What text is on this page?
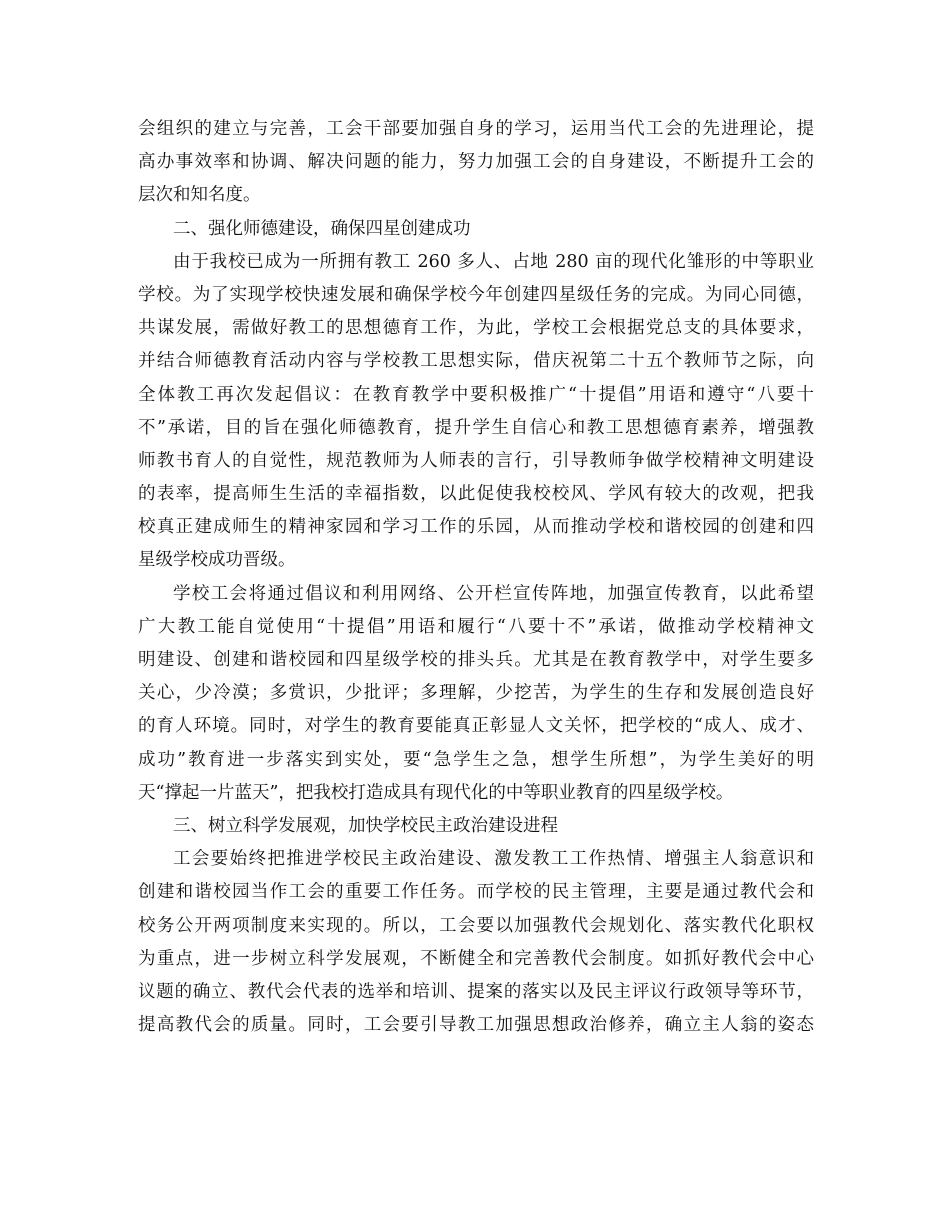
会组织的建立与完善，工会干部要加强自身的学习，运用当代工会的先进理论，提
高办事效率和协调、解决问题的能力，努力加强工会的自身建设，不断提升工会的
层次和知名度。
二、强化师德建设，确保四星创建成功
由于我校已成为一所拥有教工 260 多人、占地 280 亩的现代化雏形的中等职业
学校。为了实现学校快速发展和确保学校今年创建四星级任务的完成。为同心同德，
共谋发展，需做好教工的思想德育工作，为此，学校工会根据党总支的具体要求，
并结合师德教育活动内容与学校教工思想实际，借庆祝第二十五个教师节之际，向
全体教工再次发起倡议：在教育教学中要积极推广“十提倡”用语和遵守“八要十
不”承诺，目的旨在强化师德教育，提升学生自信心和教工思想德育素养，增强教
师教书育人的自觉性，规范教师为人师表的言行，引导教师争做学校精神文明建设
的表率，提高师生生活的幸福指数，以此促使我校校风、学风有较大的改观，把我
校真正建成师生的精神家园和学习工作的乐园，从而推动学校和谐校园的创建和四
星级学校成功晋级。
学校工会将通过倡议和利用网络、公开栏宣传阵地，加强宣传教育，以此希望
广大教工能自觉使用“十提倡”用语和履行“八要十不”承诺，做推动学校精神文
明建设、创建和谐校园和四星级学校的排头兵。尤其是在教育教学中，对学生要多
关心，少冷漠；多赏识，少批评；多理解，少挖苦，为学生的生存和发展创造良好
的育人环境。同时，对学生的教育要能真正彰显人文关怀，把学校的“成人、成才、
成功”教育进一步落实到实处，要“急学生之急，想学生所想”，为学生美好的明
天“撑起一片蓝天”，把我校打造成具有现代化的中等职业教育的四星级学校。
三、树立科学发展观，加快学校民主政治建设进程
工会要始终把推进学校民主政治建设、激发教工工作热情、增强主人翁意识和
创建和谐校园当作工会的重要工作任务。而学校的民主管理，主要是通过教代会和
校务公开两项制度来实现的。所以，工会要以加强教代会规划化、落实教代化职权
为重点，进一步树立科学发展观，不断健全和完善教代会制度。如抓好教代会中心
议题的确立、教代会代表的选举和培训、提案的落实以及民主评议行政领导等环节，
提高教代会的质量。同时，工会要引导教工加强思想政治修养，确立主人翁的姿态
